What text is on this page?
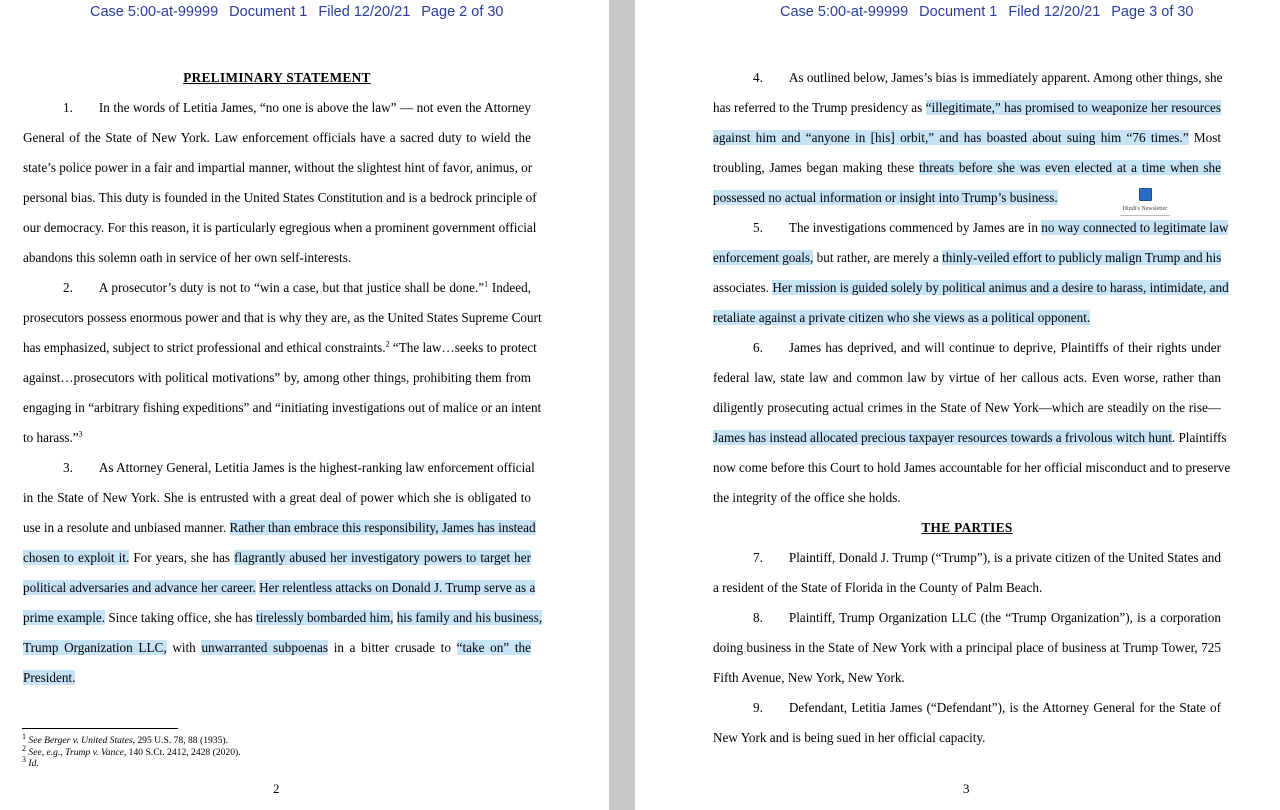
Case 5:00-at-99999 Document 1 Filed 12/20/21 Page 2 of 30
PRELIMINARY STATEMENT
1. In the words of Letitia James, “no one is above the law” — not even the Attorney
General of the State of New York. Law enforcement officials have a sacred duty to wield the
state’s police power in a fair and impartial manner, without the slightest hint of favor, animus, or
personal bias. This duty is founded in the United States Constitution and is a bedrock principle of
our democracy. For this reason, it is particularly egregious when a prominent government official
abandons this solemn oath in service of her own self-interests.
2. A prosecutor’s duty is not to “win a case, but that justice shall be done.”$^1$ Indeed,
prosecutors possess enormous power and that is why they are, as the United States Supreme Court
has emphasized, subject to strict professional and ethical constraints.$^2$ “The law…seeks to protect
against…prosecutors with political motivations” by, among other things, prohibiting them from
engaging in “arbitrary fishing expeditions” and “initiating investigations out of malice or an intent
to harass.”$^3$
3. As Attorney General, Letitia James is the highest-ranking law enforcement official
in the State of New York. She is entrusted with a great deal of power which she is obligated to
use in a resolute and unbiased manner. Rather than embrace this responsibility, James has instead
chosen to exploit it. For years, she has flagrantly abused her investigatory powers to target her
political adversaries and advance her career. Her relentless attacks on Donald J. Trump serve as a
prime example. Since taking office, she has tirelessly bombarded him, his family and his business,
Trump Organization LLC, with unwarranted subpoenas in a bitter crusade to “take on” the
President.
$^1$ See Berger v. United States, 295 U.S. 78, 88 (1935).
$^2$ See, e.g., Trump v. Vance, 140 S.Ct. 2412, 2428 (2020).
$^3$ Id.
2
Case 5:00-at-99999 Document 1 Filed 12/20/21 Page 3 of 30
4. As outlined below, James’s bias is immediately apparent. Among other things, she
has referred to the Trump presidency as “illegitimate,” has promised to weaponize her resources
against him and “anyone in [his] orbit,” and has boasted about suing him “76 times.” Most
troubling, James began making these threats before she was even elected at a time when she
possessed no actual information or insight into Trump’s business.
5. The investigations commenced by James are in no way connected to legitimate law
enforcement goals, but rather, are merely a thinly-veiled effort to publicly malign Trump and his
associates. Her mission is guided solely by political animus and a desire to harass, intimidate, and
retaliate against a private citizen who she views as a political opponent.
6. James has deprived, and will continue to deprive, Plaintiffs of their rights under
federal law, state law and common law by virtue of her callous acts. Even worse, rather than
diligently prosecuting actual crimes in the State of New York—which are steadily on the rise—
James has instead allocated precious taxpayer resources towards a frivolous witch hunt. Plaintiffs
now come before this Court to hold James accountable for her official misconduct and to preserve
the integrity of the office she holds.
THE PARTIES
7. Plaintiff, Donald J. Trump (“Trump”), is a private citizen of the United States and
a resident of the State of Florida in the County of Palm Beach.
8. Plaintiff, Trump Organization LLC (the “Trump Organization”), is a corporation
doing business in the State of New York with a principal place of business at Trump Tower, 725
Fifth Avenue, New York, New York.
9. Defendant, Letitia James (“Defendant”), is the Attorney General for the State of
New York and is being sued in her official capacity.
3
Hindi's Newsletter
